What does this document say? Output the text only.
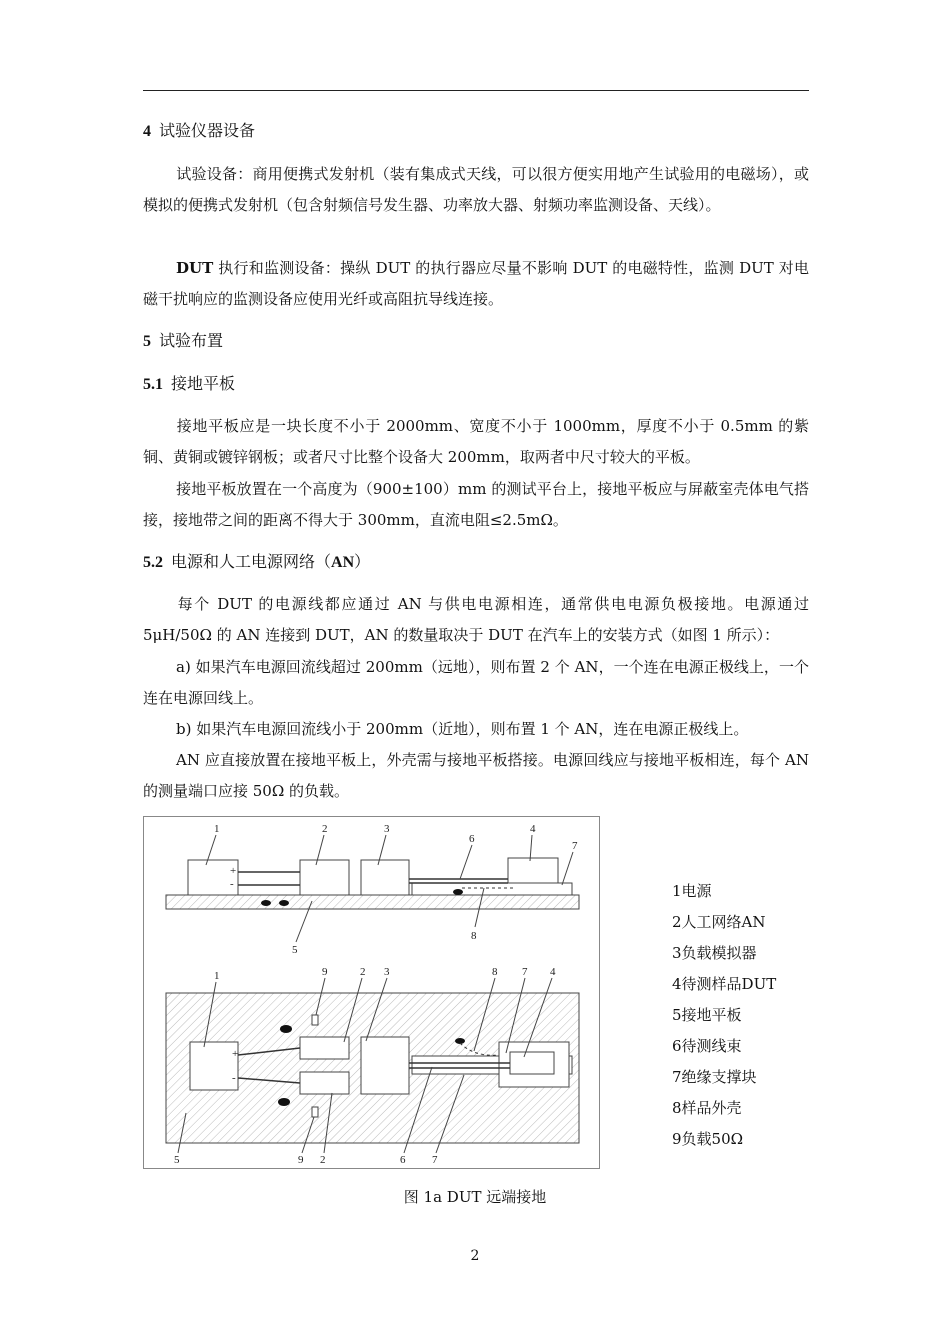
4 试验仪器设备
试验设备：商用便携式发射机（装有集成式天线，可以很方便实用地产生试验用的电磁场），或模拟的便携式发射机（包含射频信号发生器、功率放大器、射频功率监测设备、天线）。
DUT 执行和监测设备：操纵 DUT 的执行器应尽量不影响 DUT 的电磁特性，监测 DUT 对电磁干扰响应的监测设备应使用光纤或高阻抗导线连接。
5 试验布置
5.1 接地平板
接地平板应是一块长度不小于 2000mm、宽度不小于 1000mm，厚度不小于 0.5mm 的紫铜、黄铜或镀锌钢板；或者尺寸比整个设备大 200mm，取两者中尺寸较大的平板。
接地平板放置在一个高度为（900±100）mm 的测试平台上，接地平板应与屏蔽室壳体电气搭接，接地带之间的距离不得大于 300mm，直流电阻≤2.5mΩ。
5.2 电源和人工电源网络（AN）
每个 DUT 的电源线都应通过 AN 与供电电源相连，通常供电电源负极接地。电源通过 5μH/50Ω 的 AN 连接到 DUT，AN 的数量取决于 DUT 在汽车上的安装方式（如图 1 所示）：
a) 如果汽车电源回流线超过 200mm（远地），则布置 2 个 AN，一个连在电源正极线上，一个连在电源回线上。
b) 如果汽车电源回流线小于 200mm（近地），则布置 1 个 AN，连在电源正极线上。
AN 应直接放置在接地平板上，外壳需与接地平板搭接。电源回线应与接地平板相连，每个 AN 的测量端口应接 50Ω 的负载。
+
-
1	2	3
6
4
7
5
8
+
-
1	9	2 3	8 7 4
5	9 2	6 7
1电源
2人工网络AN
3负载模拟器
4待测样品DUT
5接地平板
6待测线束
7绝缘支撑块
8样品外壳
9负载50Ω
图 1a DUT 远端接地
2
